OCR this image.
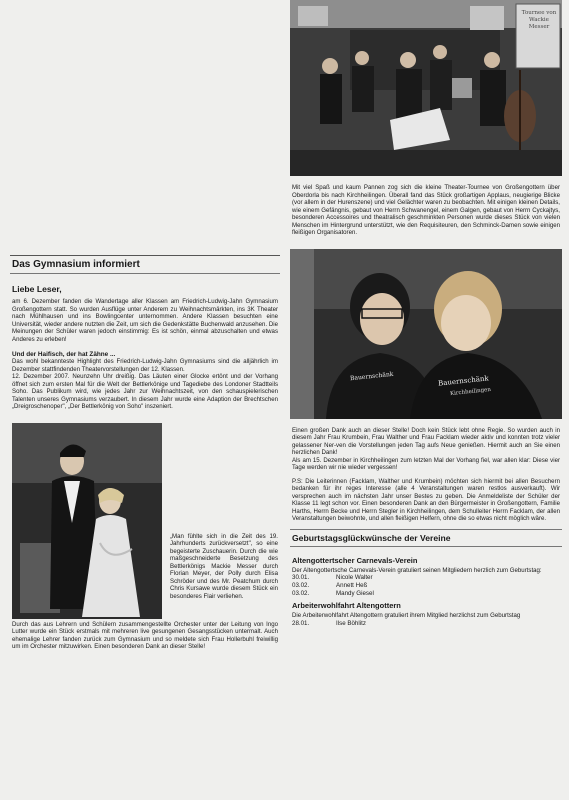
Das Gymnasium informiert

Liebe Leser,

am 6. Dezember fanden die Wandertage aller Klassen am Friedrich-Ludwig-Jahn Gymnasium Großengottern statt. So wurden Ausflüge unter Anderem zu Weihnachtsmärkten, ins 3K Theater nach Mühlhausen und ins Bowlingcenter unternommen. Andere Klassen besuchten eine Universität, wieder andere nutzten die Zeit, um sich die Gedenkstätte Buchenwald anzusehen. Die Meinungen der Schüler waren jedoch einstimmig: Es ist schön, einmal abzuschalten und etwas Anderes zu erleben!

Und der Haifisch, der hat Zähne ...

Das wohl bekannteste Highlight des Friedrich-Ludwig-Jahn Gymnasiums sind die alljährlich im Dezember stattfindenden Theatervorstellungen der 12. Klassen.
12. Dezember 2007. Neunzehn Uhr dreißig. Das Läuten einer Glocke ertönt und der Vorhang öffnet sich zum ersten Mal für die Welt der Bettlerkönige und Tagediebe des Londoner Stadtteils Soho. Das Publikum wird, wie jedes Jahr zur Weihnachtszeit, von den schauspielerischen Talenten unseres Gymnasiums verzaubert. In diesem Jahr wurde eine Adaption der Brechtschen „Dreigroschenoper", „Der Bettlerkönig von Soho" inszeniert.

„Man fühlte sich in die Zeit des 19. Jahrhunderts zurückversetzt", so eine begeisterte Zuschauerin. Durch die wie maßgeschneiderte Besetzung des Bettlerkönigs Mackie Messer durch Florian Meyer, der Polly durch Elisa Schröder und des Mr. Peatchum durch Chris Kursawe wurde diesem Stück ein besonderes Flair verliehen.

Durch das aus Lehrern und Schülern zusammengestellte Orchester unter der Leitung von Ingo Lutter wurde ein Stück erstmals mit mehreren live gesungenen Gesangsstücken untermalt. Auch ehemalige Lehrer fanden zurück zum Gymnasium und so meldete sich Frau Hollerbuhl freiwillig um im Orchester mitzuwirken. Einen besonderen Dank an dieser Stelle!

Tournee von Wackie Messer

Mit viel Spaß und kaum Pannen zog sich die kleine Theater-Tournee von Großengottern über Oberdorla bis nach Kirchheilingen. Überall fand das Stück großartigen Applaus, neugierige Blicke (vor allem in der Hurenszene) und viel Gelächter waren zu beobachten. Mit einigen kleinen Details, wie einem Gefängnis, gebaut von Herrn Schwanengel, einem Galgen, gebaut von Herrn Cyckajtys, besonderen Accessoires und theatralisch geschminkten Personen wurde dieses Stück von vielen Menschen im Hintergrund unterstützt, wie den Requisiteuren, den Schminck-Damen sowie einigen fleißigen Organisatoren.

Bauernschänk	Bauernschänk
Kirchheilingen

Einen großen Dank auch an dieser Stelle! Doch kein Stück lebt ohne Regie. So wurden auch in diesem Jahr Frau Krumbein, Frau Walther und Frau Facklam wieder aktiv und konnten trotz vieler gelassener Ner-ven die Vorstellungen jeden Tag aufs Neue genießen. Hiermit auch an Sie einen herzlichen Dank!
Als am 15. Dezember in Kirchheilingen zum letzten Mal der Vorhang fiel, war allen klar: Diese vier Tage werden wir nie wieder vergessen!

P.S: Die Leiterinnen (Facklam, Walther und Krumbein) möchten sich hiermit bei allen Besuchern bedanken für ihr reges Interesse (alle 4 Veranstaltungen waren restlos ausverkauft). Wir versprechen auch im nächsten Jahr unser Bestes zu geben. Die Anmeldeliste der Schüler der Klasse 11 legt schon vor. Einen besonderen Dank an den Bürgermeister in Großengottern, Familie Harths, Herrn Becke und Herrn Stegler in Kirchheilingen, dem Schulleiter Herrn Facklam, der allen Veranstaltungen beiwohnte, und allen fleißigen Helfern, ohne die so etwas nicht möglich wäre.

Geburtstagsglückwünsche der Vereine

Altengottertscher Carnevals-Verein

Der Altengottertsche Carnevals-Verein gratuliert seinen Mitgliedern herzlich zum Geburtstag:

30.01.	Nicole Walter
03.02.	Annett Heß
03.02.	Mandy Giesel

Arbeiterwohlfahrt Altengottern

Die Arbeiterwohlfahrt Altengottern gratuliert ihrem Mitglied herzlichst zum Geburtstag

28.01.	Ilse Böhlitz
